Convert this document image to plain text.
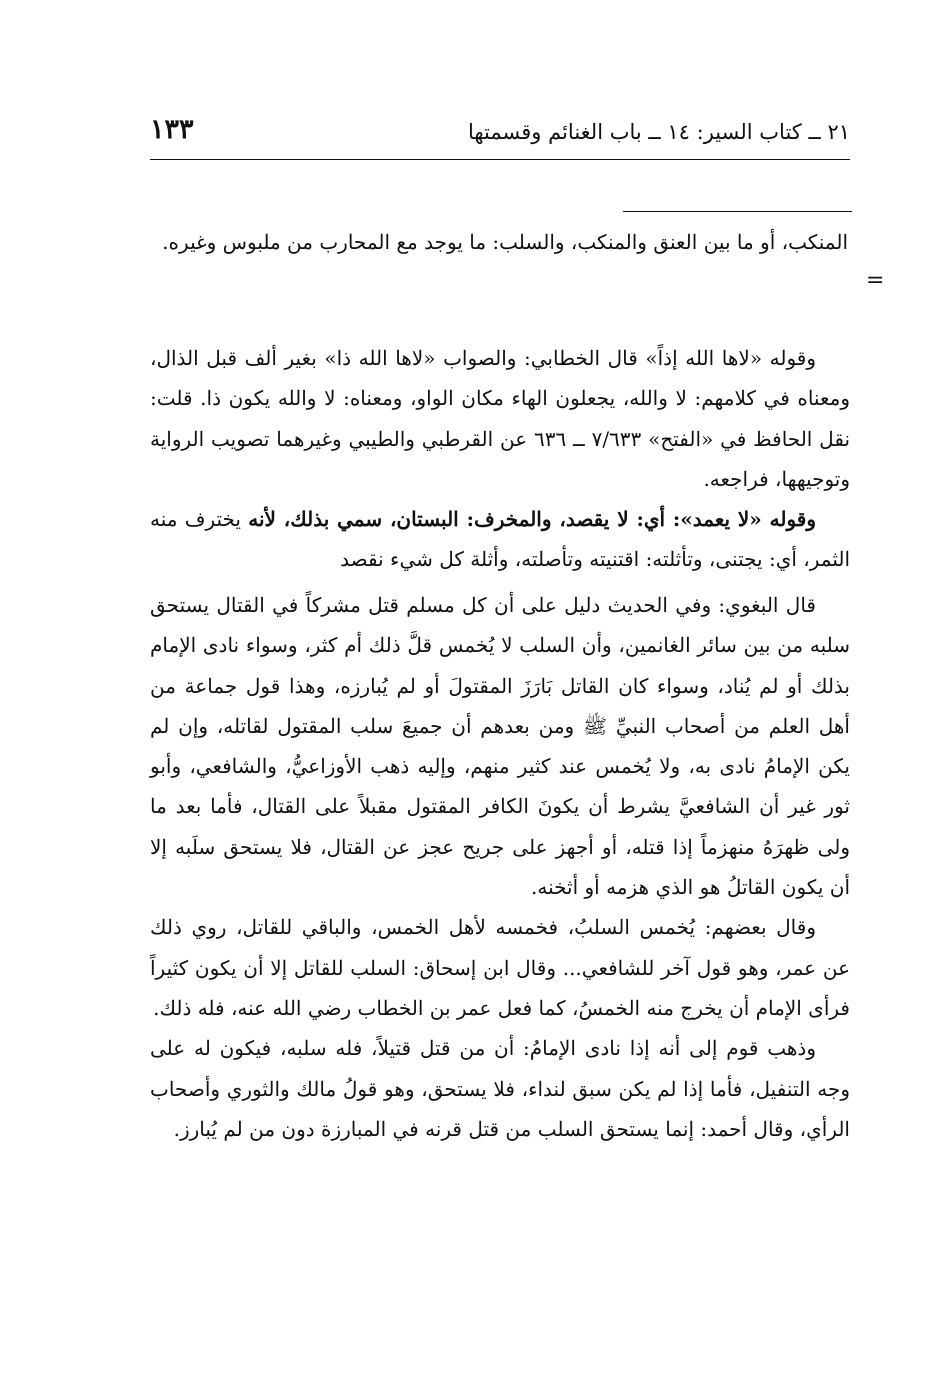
٢١ ــ كتاب السير: ١٤ ــ باب الغنائم وقسمتها
١٣٣
المنكب، أو ما بين العنق والمنكب، والسلب: ما يوجد مع المحارب من ملبوس وغيره.
=

وقوله «لاها الله إذاً» قال الخطابي: والصواب «لاها الله ذا» بغير ألف قبل الذال، ومعناه في كلامهم: لا والله، يجعلون الهاء مكان الواو، ومعناه: لا والله يكون ذا. قلت: نقل الحافظ في «الفتح» ٧/٦٣٣ ــ ٦٣٦ عن القرطبي والطيبي وغيرهما تصويب الرواية وتوجيهها، فراجعه.

وقوله «لا يعمد»: أي: لا يقصد، والمخرف: البستان، سمي بذلك، لأنه يخترف منه الثمر، أي: يجتنى، وتأثلته: اقتنيته وتأصلته، وأثلة كل شيء نقصد

قال البغوي: وفي الحديث دليل على أن كل مسلم قتل مشركاً في القتال يستحق سلبه من بين سائر الغانمين، وأن السلب لا يُخمس قلَّ ذلك أم كثر، وسواء نادى الإمام بذلك أو لم يُناد، وسواء كان القاتل بَارَزَ المقتولَ أو لم يُبارزه، وهذا قول جماعة من أهل العلم من أصحاب النبيِّ ﷺ ومن بعدهم أن جميعَ سلب المقتول لقاتله، وإن لم يكن الإمامُ نادى به، ولا يُخمس عند كثير منهم، وإليه ذهب الأوزاعيُّ، والشافعي، وأبو ثور غير أن الشافعيَّ يشرط أن يكونَ الكافر المقتول مقبلاً على القتال، فأما بعد ما ولى ظهرَهُ منهزماً إذا قتله، أو أجهز على جريح عجز عن القتال، فلا يستحق سلَبه إلا أن يكون القاتلُ هو الذي هزمه أو أثخنه.

وقال بعضهم: يُخمس السلبُ، فخمسه لأهل الخمس، والباقي للقاتل، روي ذلك عن عمر، وهو قول آخر للشافعي... وقال ابن إسحاق: السلب للقاتل إلا أن يكون كثيراً فرأى الإمام أن يخرج منه الخمسُ، كما فعل عمر بن الخطاب رضي الله عنه، فله ذلك.

وذهب قوم إلى أنه إذا نادى الإمامُ: أن من قتل قتيلاً، فله سلبه، فيكون له على وجه التنفيل، فأما إذا لم يكن سبق لنداء، فلا يستحق، وهو قولُ مالك والثوري وأصحاب الرأي، وقال أحمد: إنما يستحق السلب من قتل قرنه في المبارزة دون من لم يُبارز.
